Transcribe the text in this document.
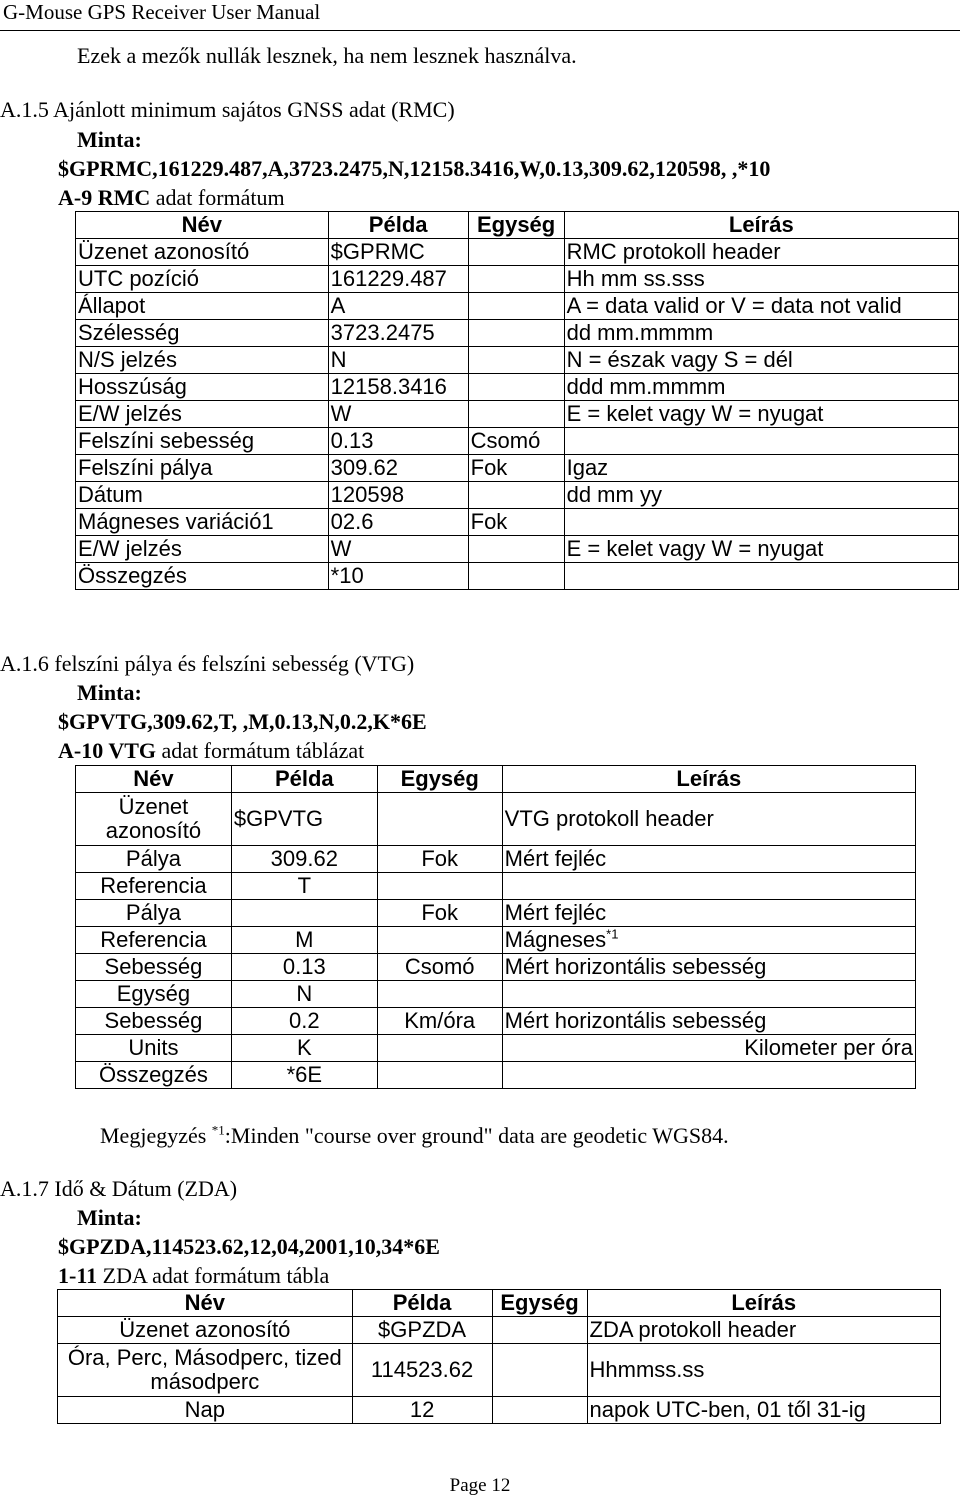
G-Mouse GPS Receiver User Manual
Ezek a mezők nullák lesznek, ha nem lesznek használva.
A.1.5 Ajánlott minimum sajátos GNSS adat (RMC)
Minta:
$GPRMC,161229.487,A,3723.2475,N,12158.3416,W,0.13,309.62,120598, ,*10
A-9 RMC adat formátum
Név	Példa	Egység	Leírás
Üzenet azonosító	$GPRMC		RMC protokoll header
UTC pozíció	161229.487		Hh mm ss.sss
Állapot	A		A = data valid or V = data not valid
Szélesség	3723.2475		dd mm.mmmm
N/S jelzés	N		N = észak vagy S = dél
Hosszúság	12158.3416		ddd mm.mmmm
E/W jelzés	W		E = kelet vagy W = nyugat
Felszíni sebesség	0.13	Csomó	
Felszíni pálya	309.62	Fok	Igaz
Dátum	120598		dd mm yy
Mágneses variáció1	02.6	Fok	
E/W jelzés	W		E = kelet vagy W = nyugat
Összegzés	*10		
A.1.6 felszíni pálya és felszíni sebesség (VTG)
Minta:
$GPVTG,309.62,T, ,M,0.13,N,0.2,K*6E
A-10 VTG adat formátum táblázat
Név	Példa	Egység	Leírás
Üzenet azonosító	$GPVTG		VTG protokoll header
Pálya	309.62	Fok	Mért fejléc
Referencia	T		
Pálya		Fok	Mért fejléc
Referencia	M		Mágneses$^{*1}$
Sebesség	0.13	Csomó	Mért horizontális sebesség
Egység	N		
Sebesség	0.2	Km/óra	Mért horizontális sebesség
Units	K		Kilometer per óra
Összegzés	*6E		
Megjegyzés $^{*1}$:Minden "course over ground" data are geodetic WGS84.
A.1.7 Idő & Dátum (ZDA)
Minta:
$GPZDA,114523.62,12,04,2001,10,34*6E
1-11 ZDA adat formátum tábla
Név	Példa	Egység	Leírás
Üzenet azonosító	$GPZDA		ZDA protokoll header
Óra, Perc, Másodperc, tized másodperc	114523.62		Hhmmss.ss
Nap	12		napok UTC-ben, 01 től 31-ig
Page 12
